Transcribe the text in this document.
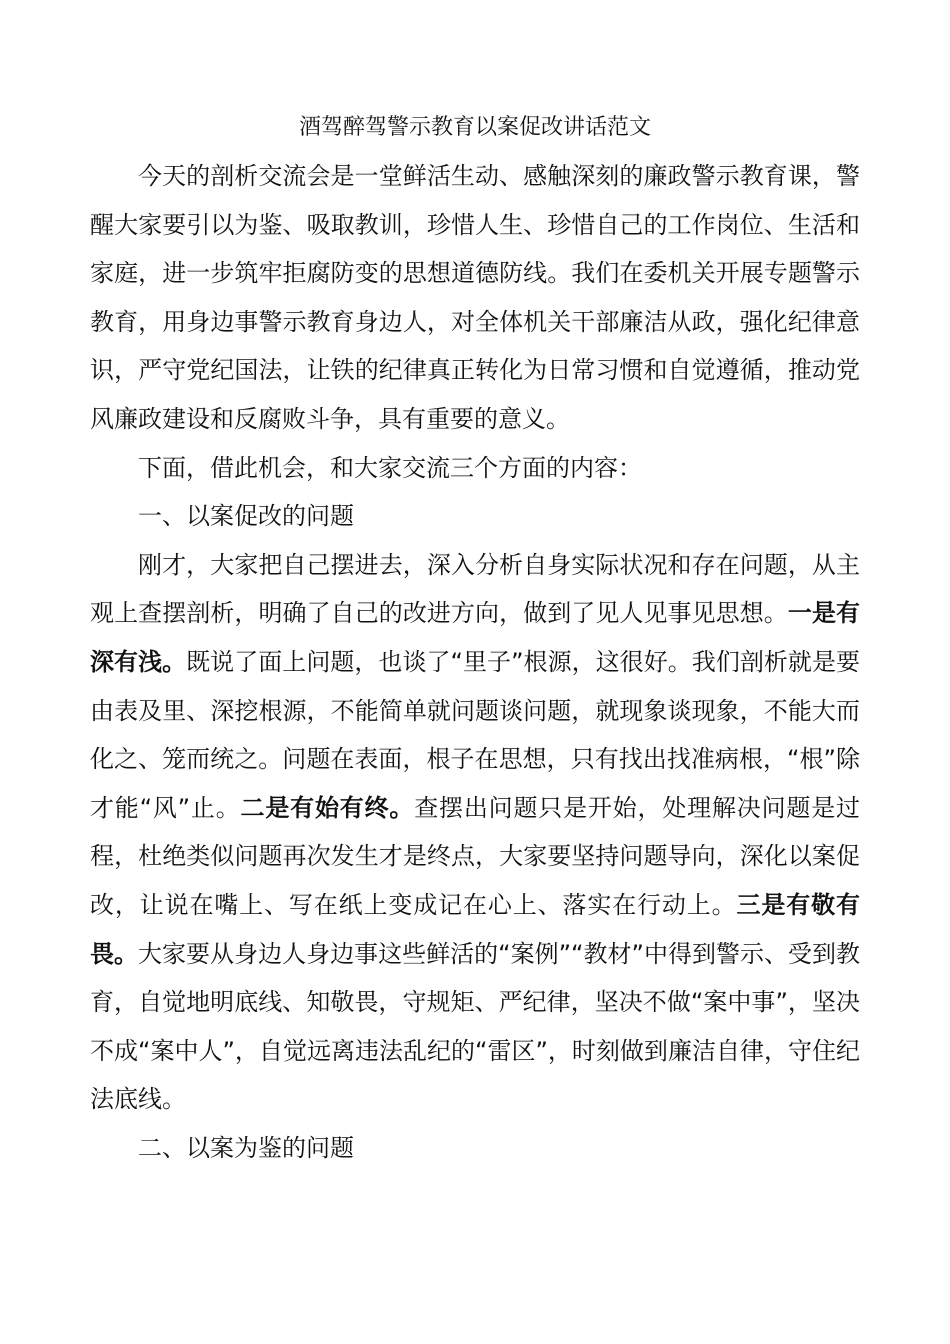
酒驾醉驾警示教育以案促改讲话范文

今天的剖析交流会是一堂鲜活生动、感触深刻的廉政警示教育课，警醒大家要引以为鉴、吸取教训，珍惜人生、珍惜自己的工作岗位、生活和家庭，进一步筑牢拒腐防变的思想道德防线。我们在委机关开展专题警示教育，用身边事警示教育身边人，对全体机关干部廉洁从政，强化纪律意识，严守党纪国法，让铁的纪律真正转化为日常习惯和自觉遵循，推动党风廉政建设和反腐败斗争，具有重要的意义。

下面，借此机会，和大家交流三个方面的内容：

一、以案促改的问题

刚才，大家把自己摆进去，深入分析自身实际状况和存在问题，从主观上查摆剖析，明确了自己的改进方向，做到了见人见事见思想。一是有深有浅。既说了面上问题，也谈了“里子”根源，这很好。我们剖析就是要由表及里、深挖根源，不能简单就问题谈问题，就现象谈现象，不能大而化之、笼而统之。问题在表面，根子在思想，只有找出找准病根，“根”除才能“风”止。二是有始有终。查摆出问题只是开始，处理解决问题是过程，杜绝类似问题再次发生才是终点，大家要坚持问题导向，深化以案促改，让说在嘴上、写在纸上变成记在心上、落实在行动上。三是有敬有畏。大家要从身边人身边事这些鲜活的“案例”“教材”中得到警示、受到教育，自觉地明底线、知敬畏，守规矩、严纪律，坚决不做“案中事”，坚决不成“案中人”，自觉远离违法乱纪的“雷区”，时刻做到廉洁自律，守住纪法底线。

二、以案为鉴的问题
